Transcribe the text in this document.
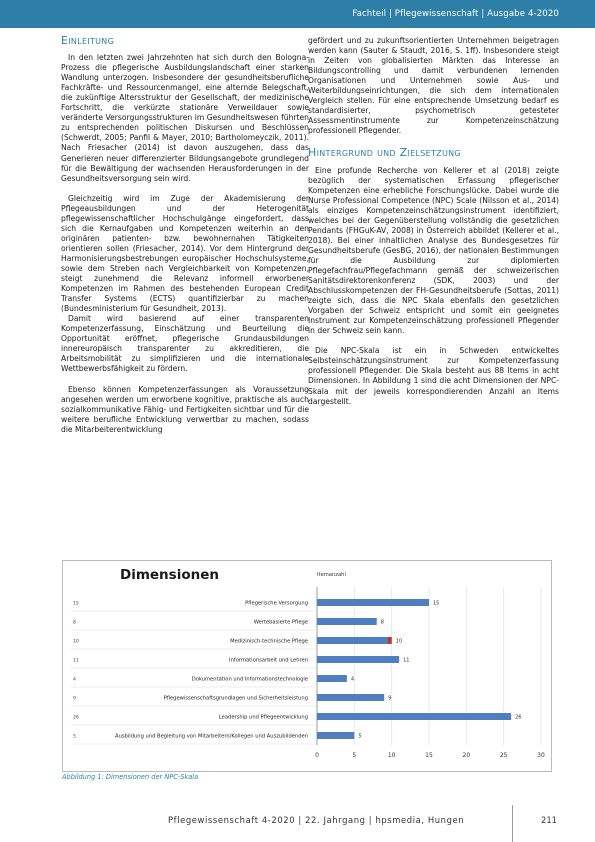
Fachteil | Pflegewissenschaft | Ausgabe 4-2020
Einleitung

In den letzten zwei Jahrzehnten hat sich durch den Bologna-Prozess die pflegerische Ausbildungslandschaft einer starken Wandlung unterzogen. Insbesondere der gesundheitsberufliche Fachkräfte- und Ressourcenmangel, eine alternde Belegschaft, die zukünftige Altersstruktur der Gesellschaft, der medizinische Fortschritt, die verkürzte stationäre Verweildauer sowie veränderte Versorgungsstrukturen im Gesundheitswesen führten zu entsprechenden politischen Diskursen und Beschlüssen (Schwerdt, 2005; Panfil & Mayer, 2010; Bartholomeyczik, 2011). Nach Friesacher (2014) ist davon auszugehen, dass das Generieren neuer differenzierter Bildungsangebote grundlegend für die Bewältigung der wachsenden Herausforderungen in der Gesundheitsversorgung sein wird.

Gleichzeitig wird im Zuge der Akademisierung der Pflegeausbildungen und der Heterogenität pflegewissenschaftlicher Hochschulgänge eingefordert, dass sich die Kernaufgaben und Kompetenzen weiterhin an den originären patienten- bzw. bewohnernahen Tätigkeiten orientieren sollen (Friesacher, 2014). Vor dem Hintergrund der Harmonisierungsbestrebungen europäischer Hochschulsysteme, sowie dem Streben nach Vergleichbarkeit von Kompetenzen, steigt zunehmend die Relevanz informell erworbener Kompetenzen im Rahmen des bestehenden European Credit Transfer Systems (ECTS) quantifizierbar zu machen (Bundesministerium für Gesundheit, 2013).

Damit wird basierend auf einer transparenten Kompetenzerfassung, Einschätzung und Beurteilung die Opportunität eröffnet, pflegerische Grundausbildungen innereuropäisch transparenter zu akkreditieren, die Arbeitsmobilität zu simplifizieren und die internationale Wettbewerbsfähigkeit zu fördern.

Ebenso können Kompetenzerfassungen als Voraussetzung angesehen werden um erworbene kognitive, praktische als auch sozialkommunikative Fähig- und Fertigkeiten sichtbar und für die weitere berufliche Entwicklung verwertbar zu machen, sodass die Mitarbeiterentwicklung

gefördert und zu zukunftsorientierten Unternehmen beigetragen werden kann (Sauter & Staudt, 2016, S. 1ff). Insbesondere steigt in Zeiten von globalisierten Märkten das Interesse an Bildungscontrolling und damit verbundenen lernenden Organisationen und Unternehmen sowie Aus- und Weiterbildungseinrichtungen, die sich dem internationalen Vergleich stellen. Für eine entsprechende Umsetzung bedarf es standardisierter, psychometrisch getesteter Assessmentinstrumente zur Kompetenzeinschätzung professionell Pflegender.

Hintergrund und Zielsetzung

Eine profunde Recherche von Kellerer et al (2018) zeigte bezüglich der systematischen Erfassung pflegerischer Kompetenzen eine erhebliche Forschungslücke. Dabei wurde die Nurse Professional Competence (NPC) Scale (Nilsson et al., 2014) als einziges Kompetenzeinschätzungsinstrument identifiziert, welches bei der Gegenüberstellung vollständig die gesetzlichen Pendants (FHGuK-AV, 2008) in Österreich abbildet (Kellerer et al., 2018). Bei einer inhaltlichen Analyse des Bundesgesetzes für Gesundheitsberufe (GesBG, 2016), der nationalen Bestimmungen für die Ausbildung zur diplomierten Pflegefachfrau/Pflegefachmann gemäß der schweizerischen Sanitätsdirektorenkonferenz (SDK, 2003) und der Abschlusskompetenzen der FH-Gesundheitsberufe (Sottas, 2011) zeigte sich, dass die NPC Skala ebenfalls den gesetzlichen Vorgaben der Schweiz entspricht und somit ein geeignetes Instrument zur Kompetenzeinschätzung professionell Pflegender in der Schweiz sein kann.

Die NPC-Skala ist ein in Schweden entwickeltes Selbsteinschätzungsinstrument zur Kompetenzerfassung professionell Pflegender. Die Skala besteht aus 88 Items in acht Dimensionen. In Abbildung 1 sind die acht Dimensionen der NPC-Skala mit der jeweils korrespondierenden Anzahl an Items dargestellt.

Dimensionen	Itemanzahl
0	5	10	15	20	25	30
15	Pflegerische Versorgung	15
8	Wertebasierte Pflege	8
10	Medizinisch-technische Pflege	10
11	Informationsarbeit und Lehren	11
4	Dokumentation und Informationstechnologie	4
9	Pflegewissenschaftsgrundlagen und Sicherheitsleistung	9
26	Leadership und Pflegeentwicklung	26
5	Ausbildung und Begleitung von Mitarbeitern/Kollegen und Auszubildenden	5
Abbildung 1: Dimensionen der NPC-Skala
Pflegewissenschaft 4-2020 | 22. Jahrgang | hpsmedia, Hungen	211
